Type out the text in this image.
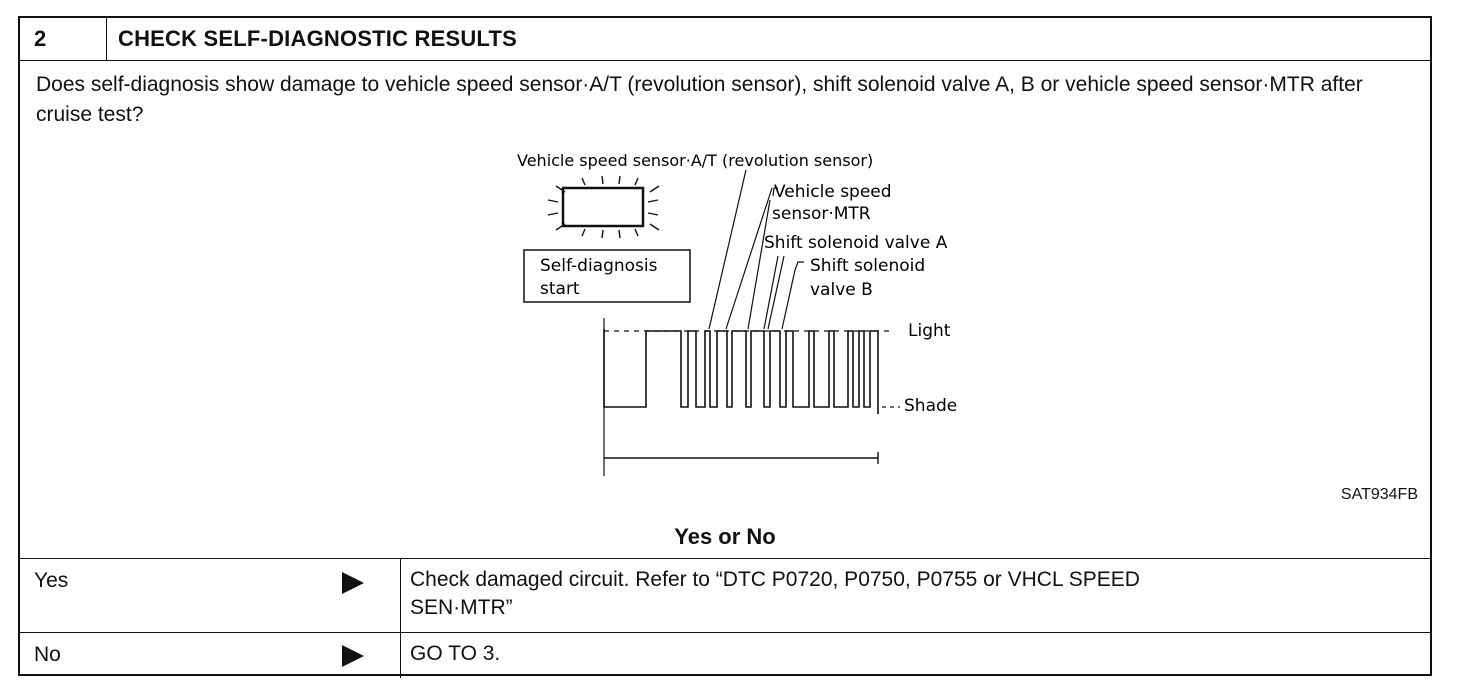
2	CHECK SELF-DIAGNOSTIC RESULTS
Does self-diagnosis show damage to vehicle speed sensor·A/T (revolution sensor), shift solenoid valve A, B or vehicle speed sensor·MTR after cruise test?
Self-diagnosis
start
Vehicle speed sensor·A/T (revolution sensor)
Vehicle speed
sensor·MTR
Shift solenoid valve A
Shift solenoid
valve B
Light
Shade
SAT934FB
Yes or No
Yes	Check damaged circuit. Refer to “DTC P0720, P0750, P0755 or VHCL SPEED
SEN·MTR”
No	GO TO 3.
